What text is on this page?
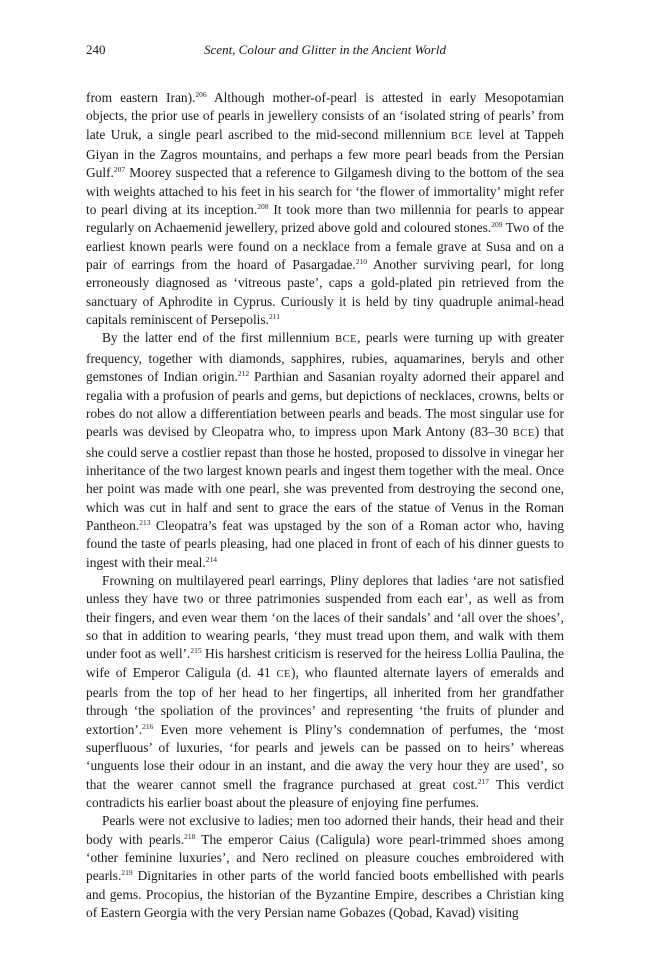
240	Scent, Colour and Glitter in the Ancient World

from eastern Iran).$^{206}$ Although mother-of-pearl is attested in early Mesopotamian objects, the prior use of pearls in jewellery consists of an ‘isolated string of pearls’ from late Uruk, a single pearl ascribed to the mid-second millennium BCE level at Tappeh Giyan in the Zagros mountains, and perhaps a few more pearl beads from the Persian Gulf.$^{207}$ Moorey suspected that a reference to Gilgamesh diving to the bottom of the sea with weights attached to his feet in his search for ‘the flower of immortality’ might refer to pearl diving at its inception.$^{208}$ It took more than two millennia for pearls to appear regularly on Achaemenid jewellery, prized above gold and coloured stones.$^{209}$ Two of the earliest known pearls were found on a necklace from a female grave at Susa and on a pair of earrings from the hoard of Pasargadae.$^{210}$ Another surviving pearl, for long erroneously diagnosed as ‘vitreous paste’, caps a gold-plated pin retrieved from the sanctuary of Aphrodite in Cyprus. Curiously it is held by tiny quadruple animal-head capitals reminiscent of Persepolis.$^{211}$

By the latter end of the first millennium BCE, pearls were turning up with greater frequency, together with diamonds, sapphires, rubies, aquamarines, beryls and other gemstones of Indian origin.$^{212}$ Parthian and Sasanian royalty adorned their apparel and regalia with a profusion of pearls and gems, but depictions of necklaces, crowns, belts or robes do not allow a differentiation between pearls and beads. The most singular use for pearls was devised by Cleopatra who, to impress upon Mark Antony (83–30 BCE) that she could serve a costlier repast than those he hosted, proposed to dissolve in vinegar her inheritance of the two largest known pearls and ingest them together with the meal. Once her point was made with one pearl, she was prevented from destroying the second one, which was cut in half and sent to grace the ears of the statue of Venus in the Roman Pantheon.$^{213}$ Cleopatra’s feat was upstaged by the son of a Roman actor who, having found the taste of pearls pleasing, had one placed in front of each of his dinner guests to ingest with their meal.$^{214}$

Frowning on multilayered pearl earrings, Pliny deplores that ladies ‘are not satisfied unless they have two or three patrimonies suspended from each ear’, as well as from their fingers, and even wear them ‘on the laces of their sandals’ and ‘all over the shoes’, so that in addition to wearing pearls, ‘they must tread upon them, and walk with them under foot as well’.$^{215}$ His harshest criticism is reserved for the heiress Lollia Paulina, the wife of Emperor Caligula (d. 41 CE), who flaunted alternate layers of emeralds and pearls from the top of her head to her fingertips, all inherited from her grandfather through ‘the spoliation of the provinces’ and representing ‘the fruits of plunder and extortion’.$^{216}$ Even more vehement is Pliny’s condemnation of perfumes, the ‘most superfluous’ of luxuries, ‘for pearls and jewels can be passed on to heirs’ whereas ‘unguents lose their odour in an instant, and die away the very hour they are used’, so that the wearer cannot smell the fragrance purchased at great cost.$^{217}$ This verdict contradicts his earlier boast about the pleasure of enjoying fine perfumes.

Pearls were not exclusive to ladies; men too adorned their hands, their head and their body with pearls.$^{218}$ The emperor Caius (Caligula) wore pearl-trimmed shoes among ‘other feminine luxuries’, and Nero reclined on pleasure couches embroidered with pearls.$^{219}$ Dignitaries in other parts of the world fancied boots embellished with pearls and gems. Procopius, the historian of the Byzantine Empire, describes a Christian king of Eastern Georgia with the very Persian name Gobazes (Qobad, Kavad) visiting
